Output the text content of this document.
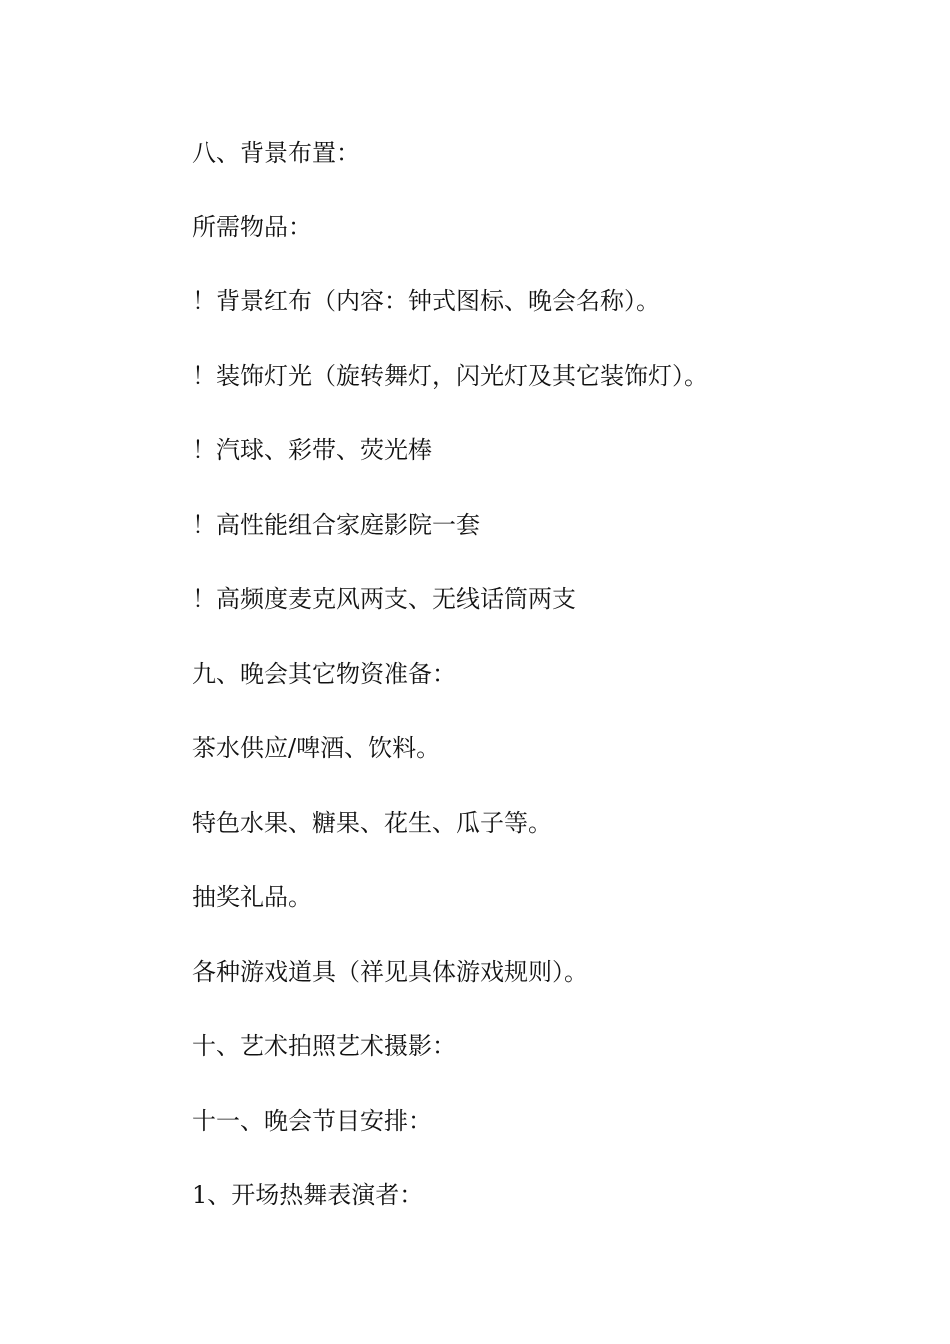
八、背景布置：
所需物品：
！背景红布（内容：钟式图标、晚会名称）。
！装饰灯光（旋转舞灯，闪光灯及其它装饰灯）。
！汽球、彩带、荧光棒
！高性能组合家庭影院一套
！高频度麦克风两支、无线话筒两支
九、晚会其它物资准备：
茶水供应/啤酒、饮料。
特色水果、糖果、花生、瓜子等。
抽奖礼品。
各种游戏道具（祥见具体游戏规则）。
十、艺术拍照艺术摄影：
十一、晚会节目安排：
1、开场热舞表演者：
